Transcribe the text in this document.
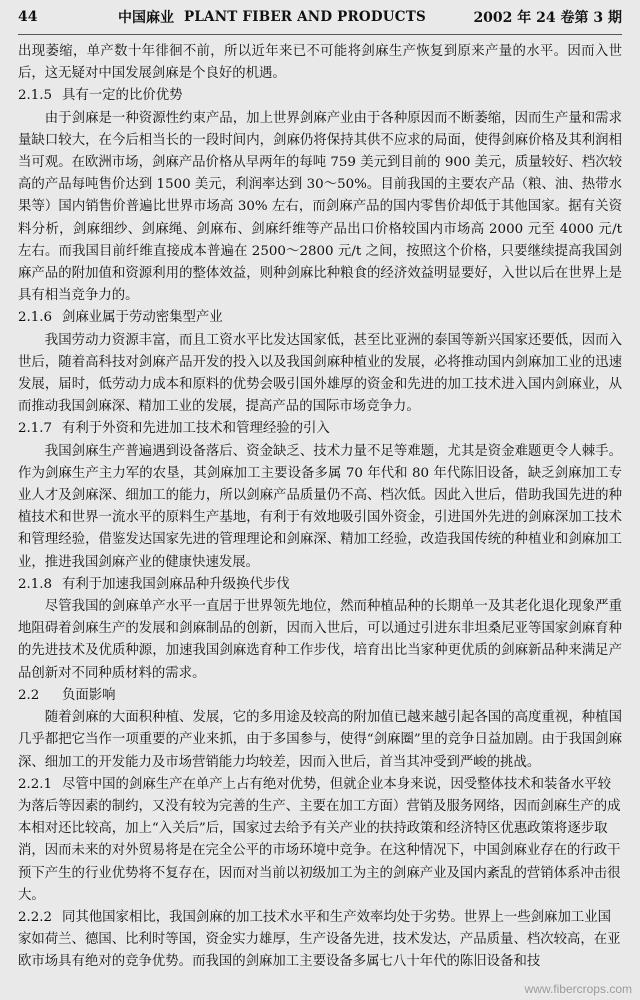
44	中国麻业 PLANT FIBER AND PRODUCTS	2002 年 24 卷第 3 期

出现萎缩，单产数十年徘徊不前，所以近年来已不可能将剑麻生产恢复到原来产量的水平。因而入世后，这无疑对中国发展剑麻是个良好的机遇。

2.1.5 具有一定的比价优势

由于剑麻是一种资源性约束产品，加上世界剑麻产业由于各种原因而不断萎缩，因而生产量和需求量缺口较大，在今后相当长的一段时间内，剑麻仍将保持其供不应求的局面，使得剑麻价格及其利润相当可观。在欧洲市场，剑麻产品价格从早两年的每吨 759 美元到目前的 900 美元，质量较好、档次较高的产品每吨售价达到 1500 美元，利润率达到 30～50%。目前我国的主要农产品（粮、油、热带水果等）国内销售价普遍比世界市场高 30% 左右，而剑麻产品的国内零售价却低于其他国家。据有关资料分析，剑麻细纱、剑麻绳、剑麻布、剑麻纤维等产品出口价格较国内市场高 2000 元至 4000 元/t 左右。而我国目前纤维直接成本普遍在 2500～2800 元/t 之间，按照这个价格，只要继续提高我国剑麻产品的附加值和资源利用的整体效益，则种剑麻比种粮食的经济效益明显要好，入世以后在世界上是具有相当竞争力的。

2.1.6 剑麻业属于劳动密集型产业

我国劳动力资源丰富，而且工资水平比发达国家低，甚至比亚洲的泰国等新兴国家还要低，因而入世后，随着高科技对剑麻产品开发的投入以及我国剑麻种植业的发展，必将推动国内剑麻加工业的迅速发展，届时，低劳动力成本和原料的优势会吸引国外雄厚的资金和先进的加工技术进入国内剑麻业，从而推动我国剑麻深、精加工业的发展，提高产品的国际市场竞争力。

2.1.7 有利于外资和先进加工技术和管理经验的引入

我国剑麻生产普遍遇到设备落后、资金缺乏、技术力量不足等难题，尤其是资金难题更令人棘手。作为剑麻生产主力军的农垦，其剑麻加工主要设备多属 70 年代和 80 年代陈旧设备，缺乏剑麻加工专业人才及剑麻深、细加工的能力，所以剑麻产品质量仍不高、档次低。因此入世后，借助我国先进的种植技术和世界一流水平的原料生产基地，有利于有效地吸引国外资金，引进国外先进的剑麻深加工技术和管理经验，借鉴发达国家先进的管理理论和剑麻深、精加工经验，改造我国传统的种植业和剑麻加工业，推进我国剑麻产业的健康快速发展。

2.1.8 有利于加速我国剑麻品种升级换代步伐

尽管我国的剑麻单产水平一直居于世界领先地位，然而种植品种的长期单一及其老化退化现象严重地阻碍着剑麻生产的发展和剑麻制品的创新，因而入世后，可以通过引进东非坦桑尼亚等国家剑麻育种的先进技术及优质种源，加速我国剑麻选育种工作步伐，培育出比当家种更优质的剑麻新品种来满足产品创新对不同种质材料的需求。

2.2 负面影响

随着剑麻的大面积种植、发展，它的多用途及较高的附加值已越来越引起各国的高度重视，种植国几乎都把它当作一项重要的产业来抓，由于多国参与，使得“剑麻圈”里的竞争日益加剧。由于我国剑麻深、细加工的开发能力及市场营销能力均较差，因而入世后，首当其冲受到严峻的挑战。

2.2.1 尽管中国的剑麻生产在单产上占有绝对优势，但就企业本身来说，因受整体技术和装备水平较为落后等因素的制约，又没有较为完善的生产、主要在加工方面）营销及服务网络，因而剑麻生产的成本相对还比较高，加上“入关后”后，国家过去给予有关产业的扶持政策和经济特区优惠政策将逐步取消，因而未来的对外贸易将是在完全公平的市场环境中竞争。在这种情况下，中国剑麻业存在的行政干预下产生的行业优势将不复存在，因而对当前以初级加工为主的剑麻产业及国内紊乱的营销体系冲击很大。
2.2.2 同其他国家相比，我国剑麻的加工技术水平和生产效率均处于劣势。世界上一些剑麻加工业国家如荷兰、德国、比利时等国，资金实力雄厚，生产设备先进，技术发达，产品质量、档次较高，在亚欧市场具有绝对的竞争优势。而我国的剑麻加工主要设备多属七八十年代的陈旧设备和技
www.fibercrops.com
